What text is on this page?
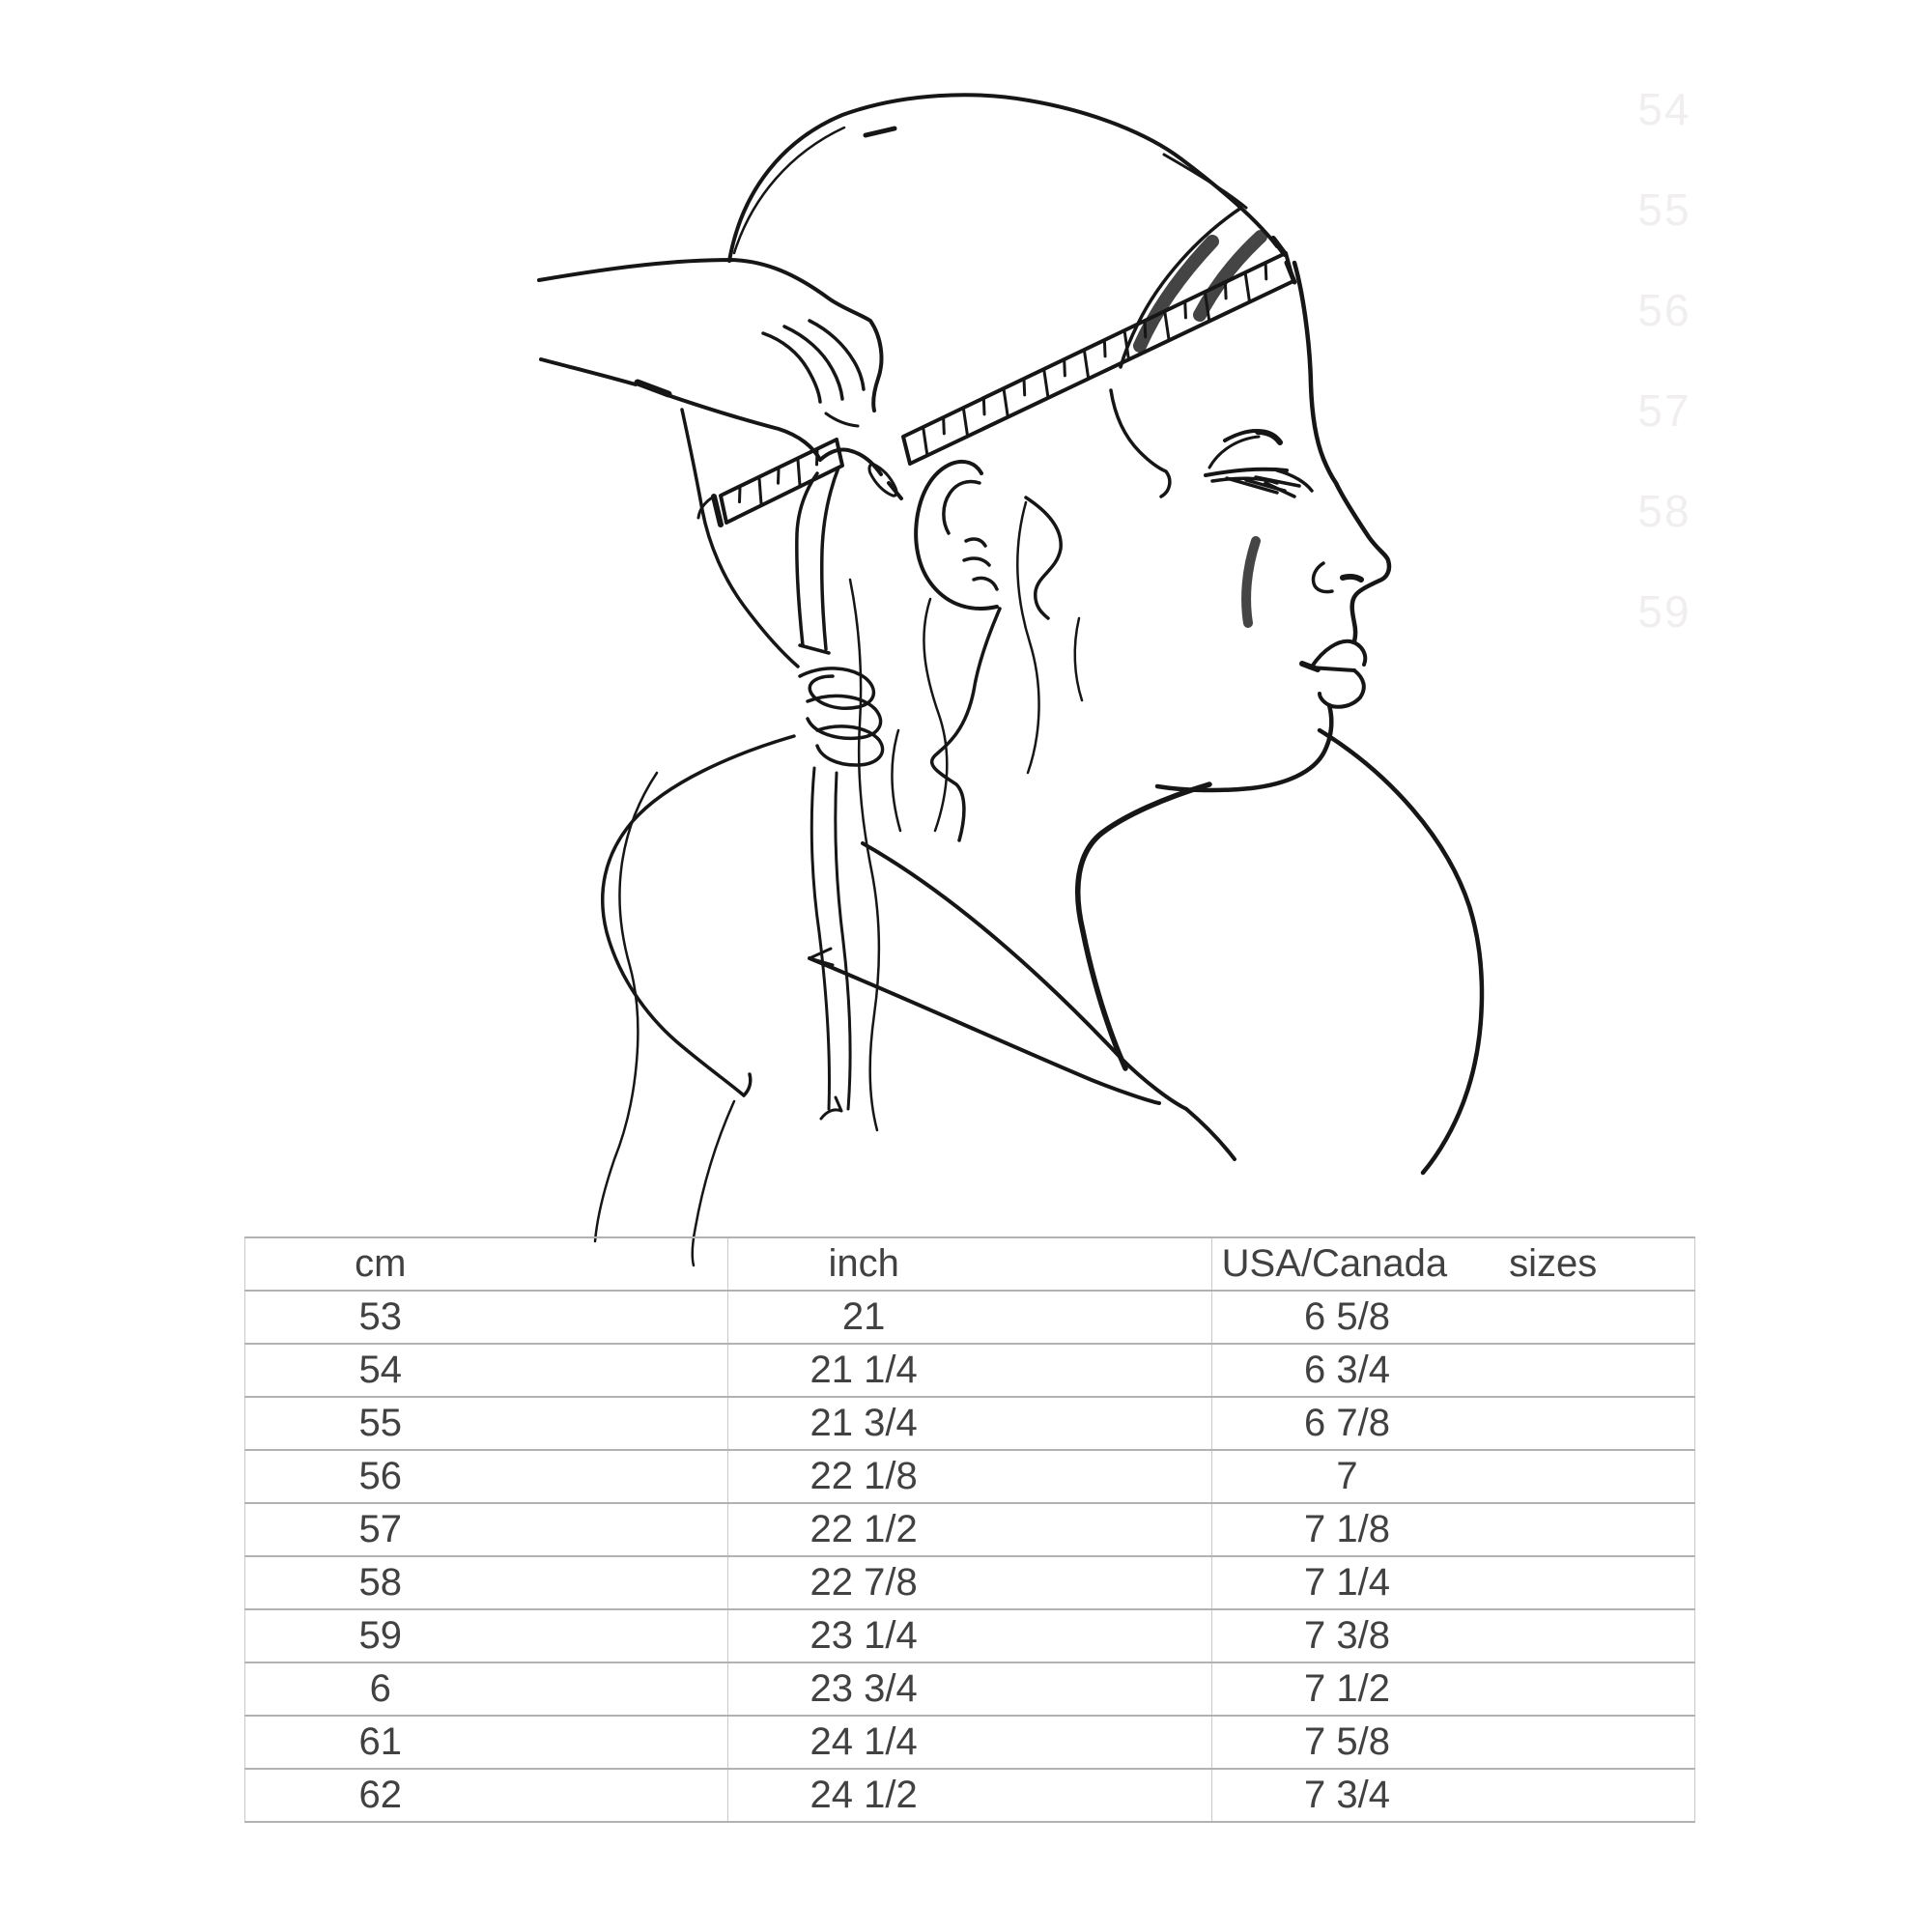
54
55
56
57
58
59
cm	inch	USA/Canada sizes

53	21	6 5/8
54	21 1/4	6 3/4
55	21 3/4	6 7/8
56	22 1/8	7
57	22 1/2	7 1/8
58	22 7/8	7 1/4
59	23 1/4	7 3/8
6	23 3/4	7 1/2
61	24 1/4	7 5/8
62	24 1/2	7 3/4
